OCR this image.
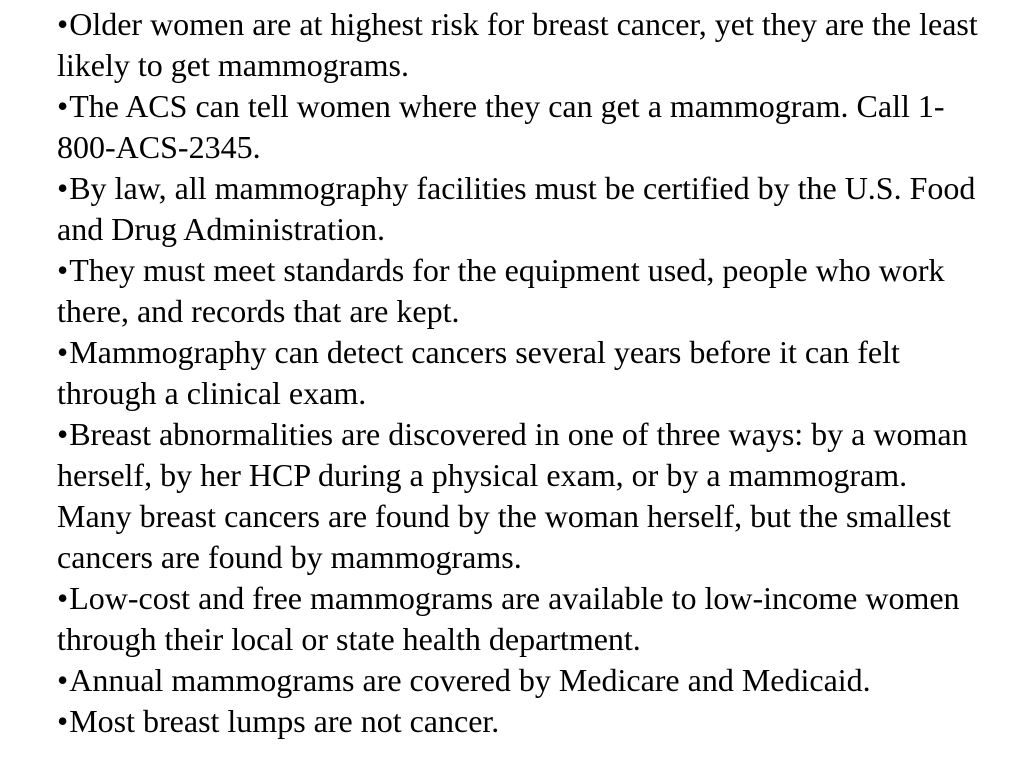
•Older women are at highest risk for breast cancer, yet they are the least likely to get mammograms.

•The ACS can tell women where they can get a mammogram. Call 1-800-ACS-2345.

•By law, all mammography facilities must be certified by the U.S. Food and Drug Administration.

•They must meet standards for the equipment used, people who work there, and records that are kept.

•Mammography can detect cancers several years before it can felt through a clinical exam.

•Breast abnormalities are discovered in one of three ways: by a woman herself, by her HCP during a physical exam, or by a mammogram. Many breast cancers are found by the woman herself, but the smallest cancers are found by mammograms.

•Low-cost and free mammograms are available to low-income women through their local or state health department.

•Annual mammograms are covered by Medicare and Medicaid.

•Most breast lumps are not cancer.
